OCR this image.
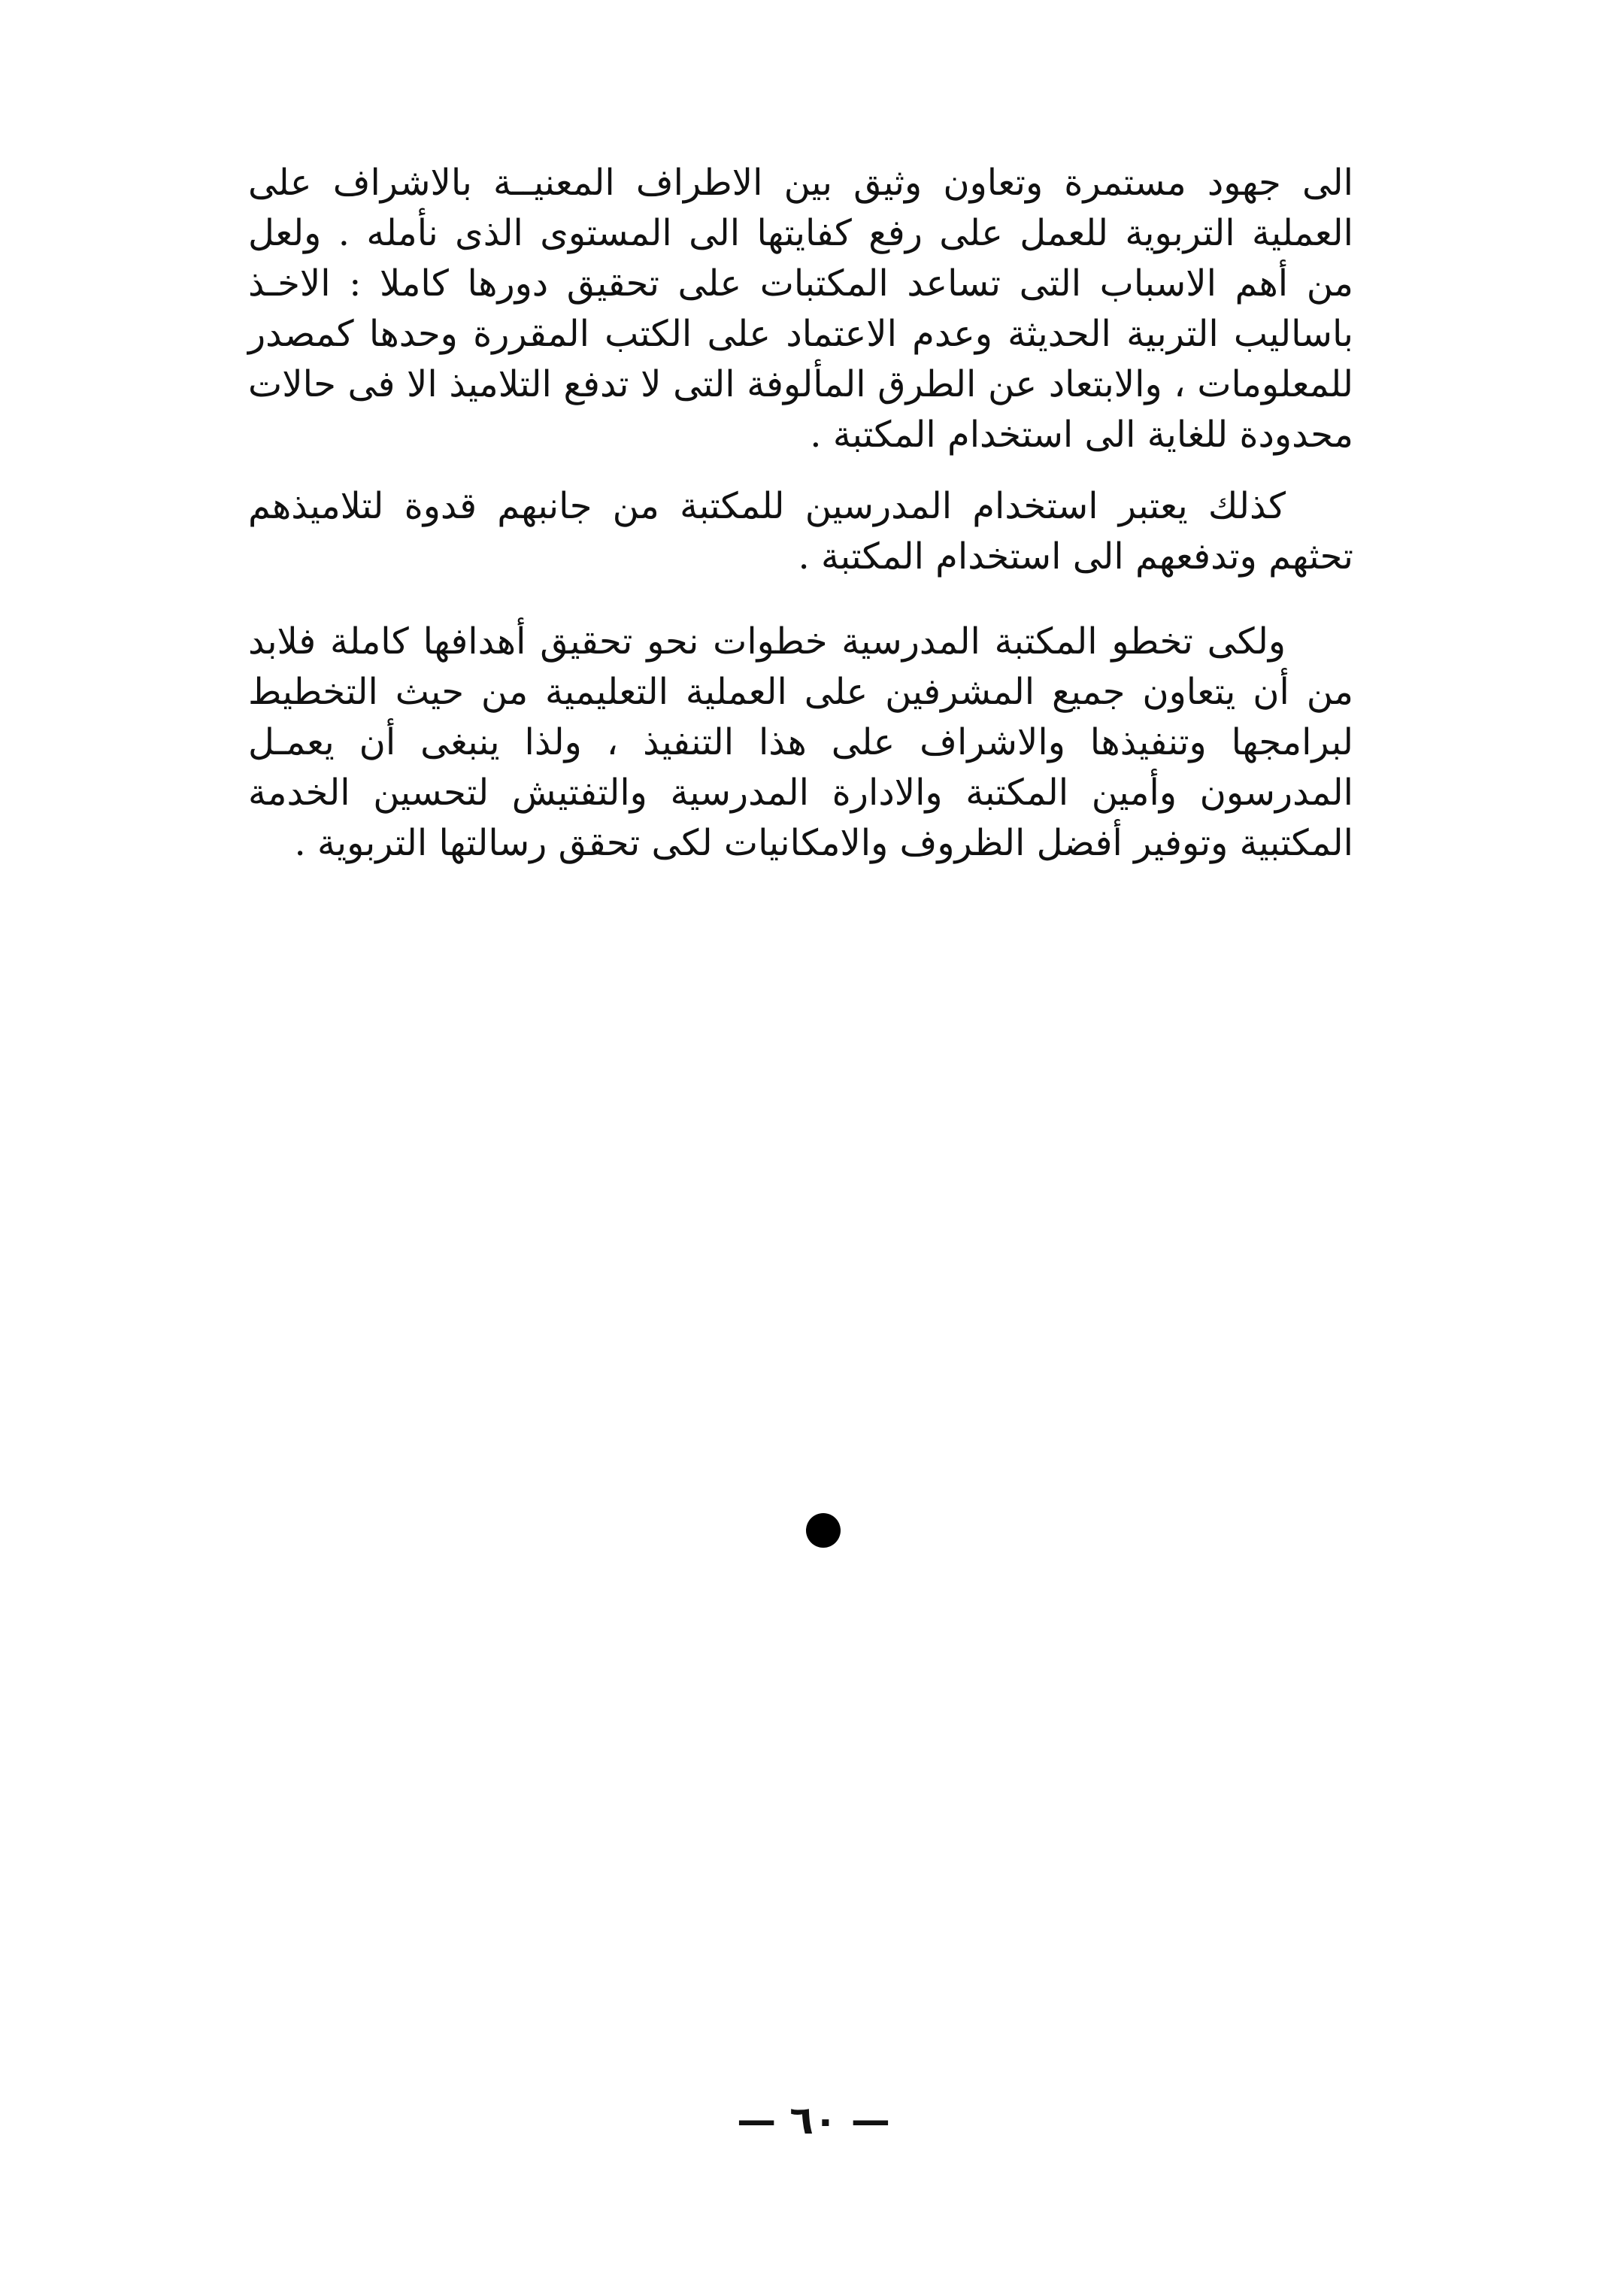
الى جهود مستمرة وتعاون وثيق بين الاطراف المعنيــة بالاشراف على
العملية التربوية للعمل على رفع كفايتها الى المستوى الذى نأمله . ولعل
من أهم الاسباب التى تساعد المكتبات على تحقيق دورها كاملا : الاخـذ
باساليب التربية الحديثة وعدم الاعتماد على الكتب المقررة وحدها كمصدر
للمعلومات ، والابتعاد عن الطرق المألوفة التى لا تدفع التلاميذ الا فى حالات
محدودة للغاية الى استخدام المكتبة .
كذلك يعتبر استخدام المدرسين للمكتبة من جانبهم قدوة لتلاميذهم
تحثهم وتدفعهم الى استخدام المكتبة .
ولكى تخطو المكتبة المدرسية خطوات نحو تحقيق أهدافها كاملة فلابد
من أن يتعاون جميع المشرفين على العملية التعليمية من حيث التخطيط
لبرامجها وتنفيذها والاشراف على هذا التنفيذ ، ولذا ينبغى أن يعمـل
المدرسون وأمين المكتبة والادارة المدرسية والتفتيش لتحسين الخدمة
المكتبية وتوفير أفضل الظروف والامكانيات لكى تحقق رسالتها التربوية .
— ٦٠ —
